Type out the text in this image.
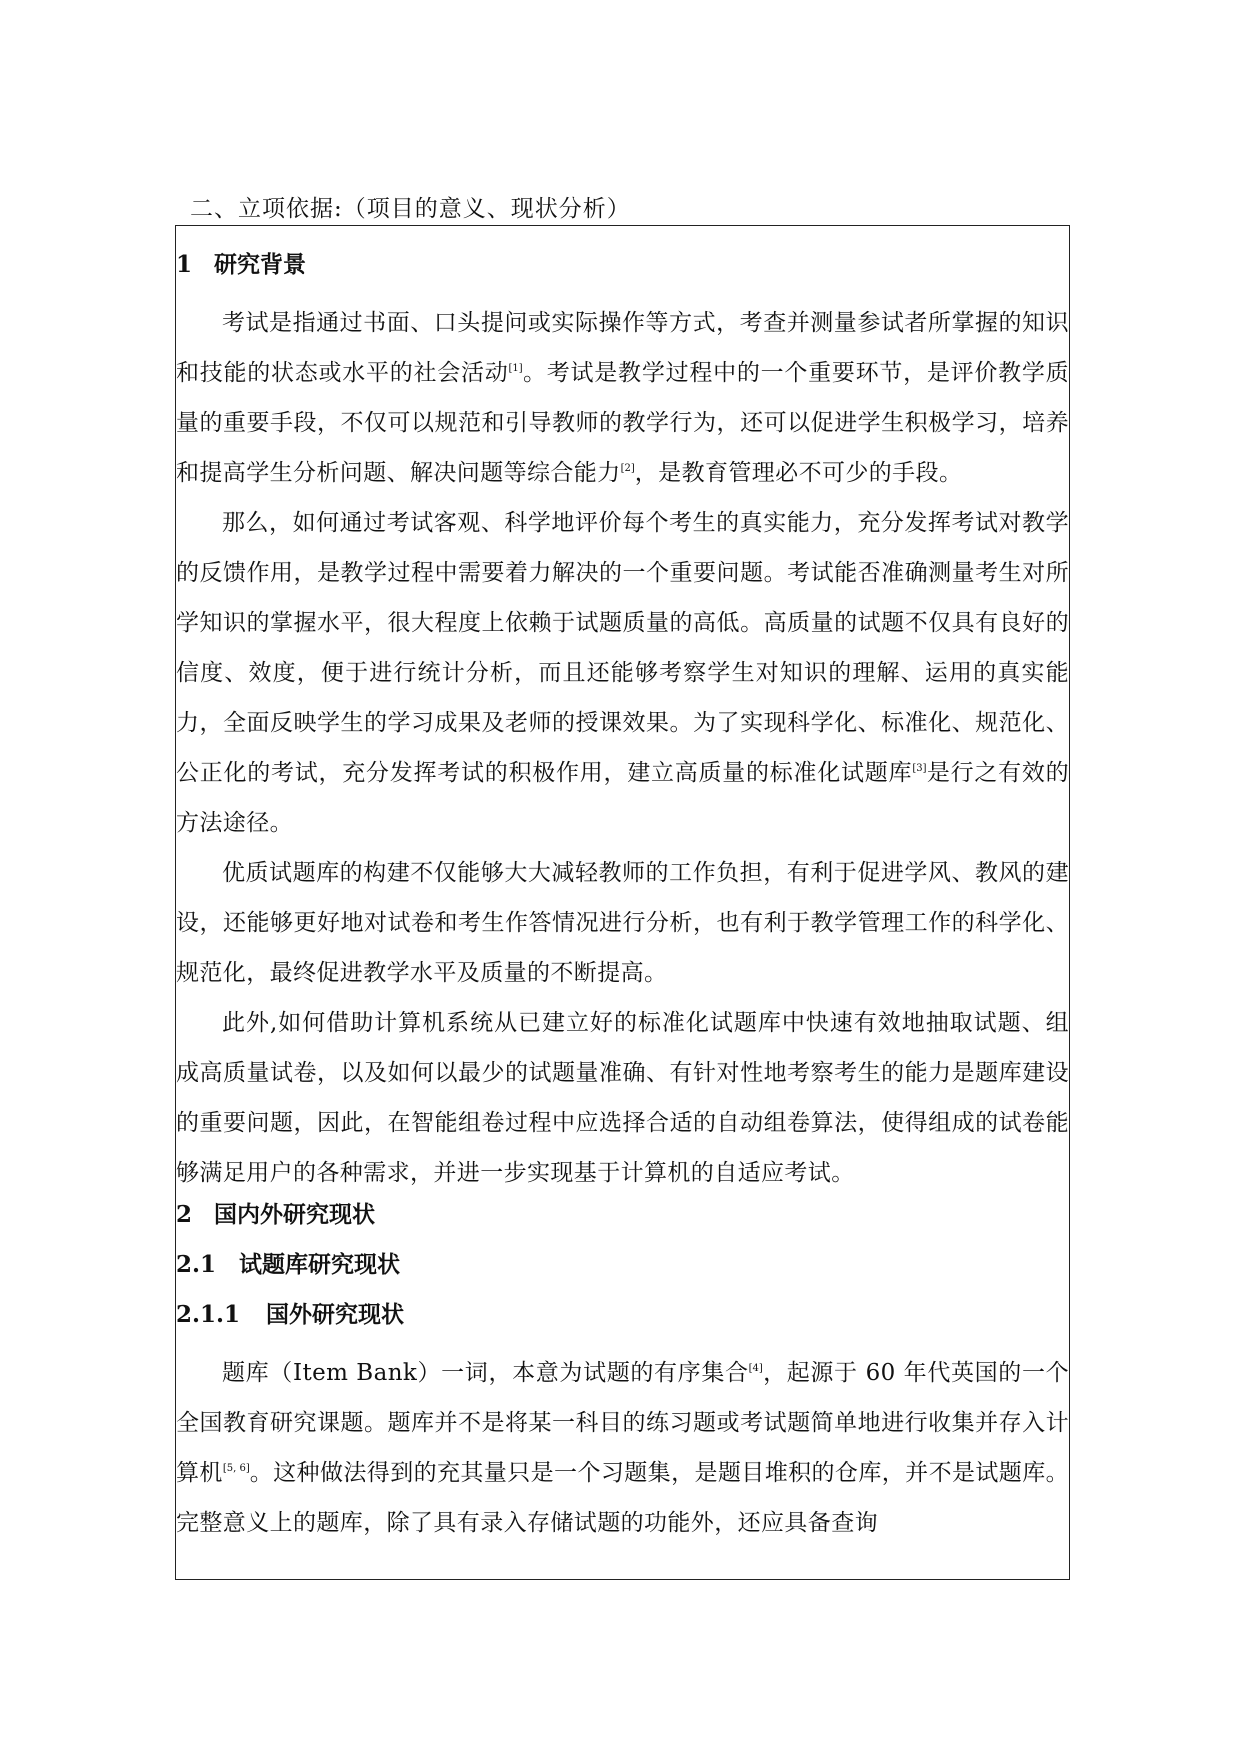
二、立项依据:（项目的意义、现状分析）
1 研究背景

考试是指通过书面、口头提问或实际操作等方式，考查并测量参试者所掌握的知识和技能的状态或水平的社会活动[1]。考试是教学过程中的一个重要环节，是评价教学质量的重要手段，不仅可以规范和引导教师的教学行为，还可以促进学生积极学习，培养和提高学生分析问题、解决问题等综合能力[2]，是教育管理必不可少的手段。

那么，如何通过考试客观、科学地评价每个考生的真实能力，充分发挥考试对教学的反馈作用，是教学过程中需要着力解决的一个重要问题。考试能否准确测量考生对所学知识的掌握水平，很大程度上依赖于试题质量的高低。高质量的试题不仅具有良好的信度、效度，便于进行统计分析，而且还能够考察学生对知识的理解、运用的真实能力，全面反映学生的学习成果及老师的授课效果。为了实现科学化、标准化、规范化、公正化的考试，充分发挥考试的积极作用，建立高质量的标准化试题库[3]是行之有效的方法途径。

优质试题库的构建不仅能够大大减轻教师的工作负担，有利于促进学风、教风的建设，还能够更好地对试卷和考生作答情况进行分析，也有利于教学管理工作的科学化、规范化，最终促进教学水平及质量的不断提高。

此外,如何借助计算机系统从已建立好的标准化试题库中快速有效地抽取试题、组成高质量试卷，以及如何以最少的试题量准确、有针对性地考察考生的能力是题库建设的重要问题，因此，在智能组卷过程中应选择合适的自动组卷算法，使得组成的试卷能够满足用户的各种需求，并进一步实现基于计算机的自适应考试。

2 国内外研究现状
2.1 试题库研究现状
2.1.1 国外研究现状

题库（Item Bank）一词，本意为试题的有序集合[4]，起源于 60 年代英国的一个全国教育研究课题。题库并不是将某一科目的练习题或考试题简单地进行收集并存入计算机[5, 6]。这种做法得到的充其量只是一个习题集，是题目堆积的仓库，并不是试题库。完整意义上的题库，除了具有录入存储试题的功能外，还应具备查询
